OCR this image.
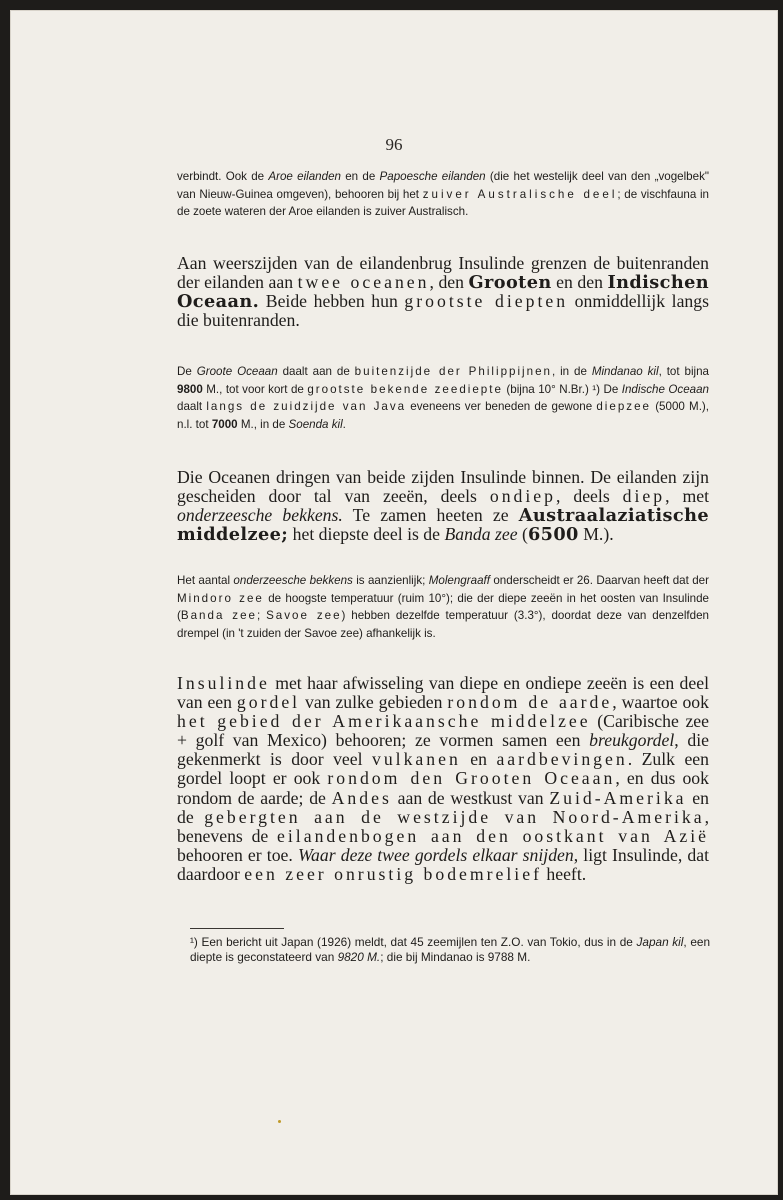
96

verbindt. Ook de Aroe eilanden en de Papoesche eilanden (die het westelijk deel van den „vogelbek" van Nieuw-Guinea omgeven), behooren bij het zuiver Australische deel; de vischfauna in de zoete wateren der Aroe eilanden is zuiver Australisch.

Aan weerszijden van de eilandenbrug Insulinde grenzen de buitenranden der eilanden aan twee oceanen, den Grooten en den Indischen Oceaan. Beide hebben hun grootste diepten onmiddellijk langs die buitenranden.

De Groote Oceaan daalt aan de buitenzijde der Philippijnen, in de Mindanao kil, tot bijna 9800 M., tot voor kort de grootste bekende zeediepte (bijna 10° N.Br.) ¹) De Indische Oceaan daalt langs de zuidzijde van Java eveneens ver beneden de gewone diepzee (5000 M.), n.l. tot 7000 M., in de Soenda kil.

Die Oceanen dringen van beide zijden Insulinde binnen. De eilanden zijn gescheiden door tal van zeeën, deels ondiep, deels diep, met onderzeesche bekkens. Te zamen heeten ze Austraalaziatische middelzee; het diepste deel is de Banda zee (6500 M.).

Het aantal onderzeesche bekkens is aanzienlijk; Molengraaff onderscheidt er 26. Daarvan heeft dat der Mindoro zee de hoogste temperatuur (ruim 10°); die der diepe zeeën in het oosten van Insulinde (Banda zee; Savoe zee) hebben dezelfde temperatuur (3.3°), doordat deze van denzelfden drempel (in 't zuiden der Savoe zee) afhankelijk is.

Insulinde met haar afwisseling van diepe en ondiepe zeeën is een deel van een gordel van zulke gebieden rondom de aarde, waartoe ook het gebied der Amerikaansche middelzee (Caribische zee + golf van Mexico) behooren; ze vormen samen een breukgordel, die gekenmerkt is door veel vulkanen en aardbevingen. Zulk een gordel loopt er ook rondom den Grooten Oceaan, en dus ook rondom de aarde; de Andes aan de westkust van Zuid-Amerika en de gebergten aan de westzijde van Noord-Amerika, benevens de eilandenbogen aan den oostkant van Azië behooren er toe. Waar deze twee gordels elkaar snijden, ligt Insulinde, dat daardoor een zeer onrustig bodemrelief heeft.

¹) Een bericht uit Japan (1926) meldt, dat 45 zeemijlen ten Z.O. van Tokio, dus in de Japan kil, een diepte is geconstateerd van 9820 M.; die bij Mindanao is 9788 M.
